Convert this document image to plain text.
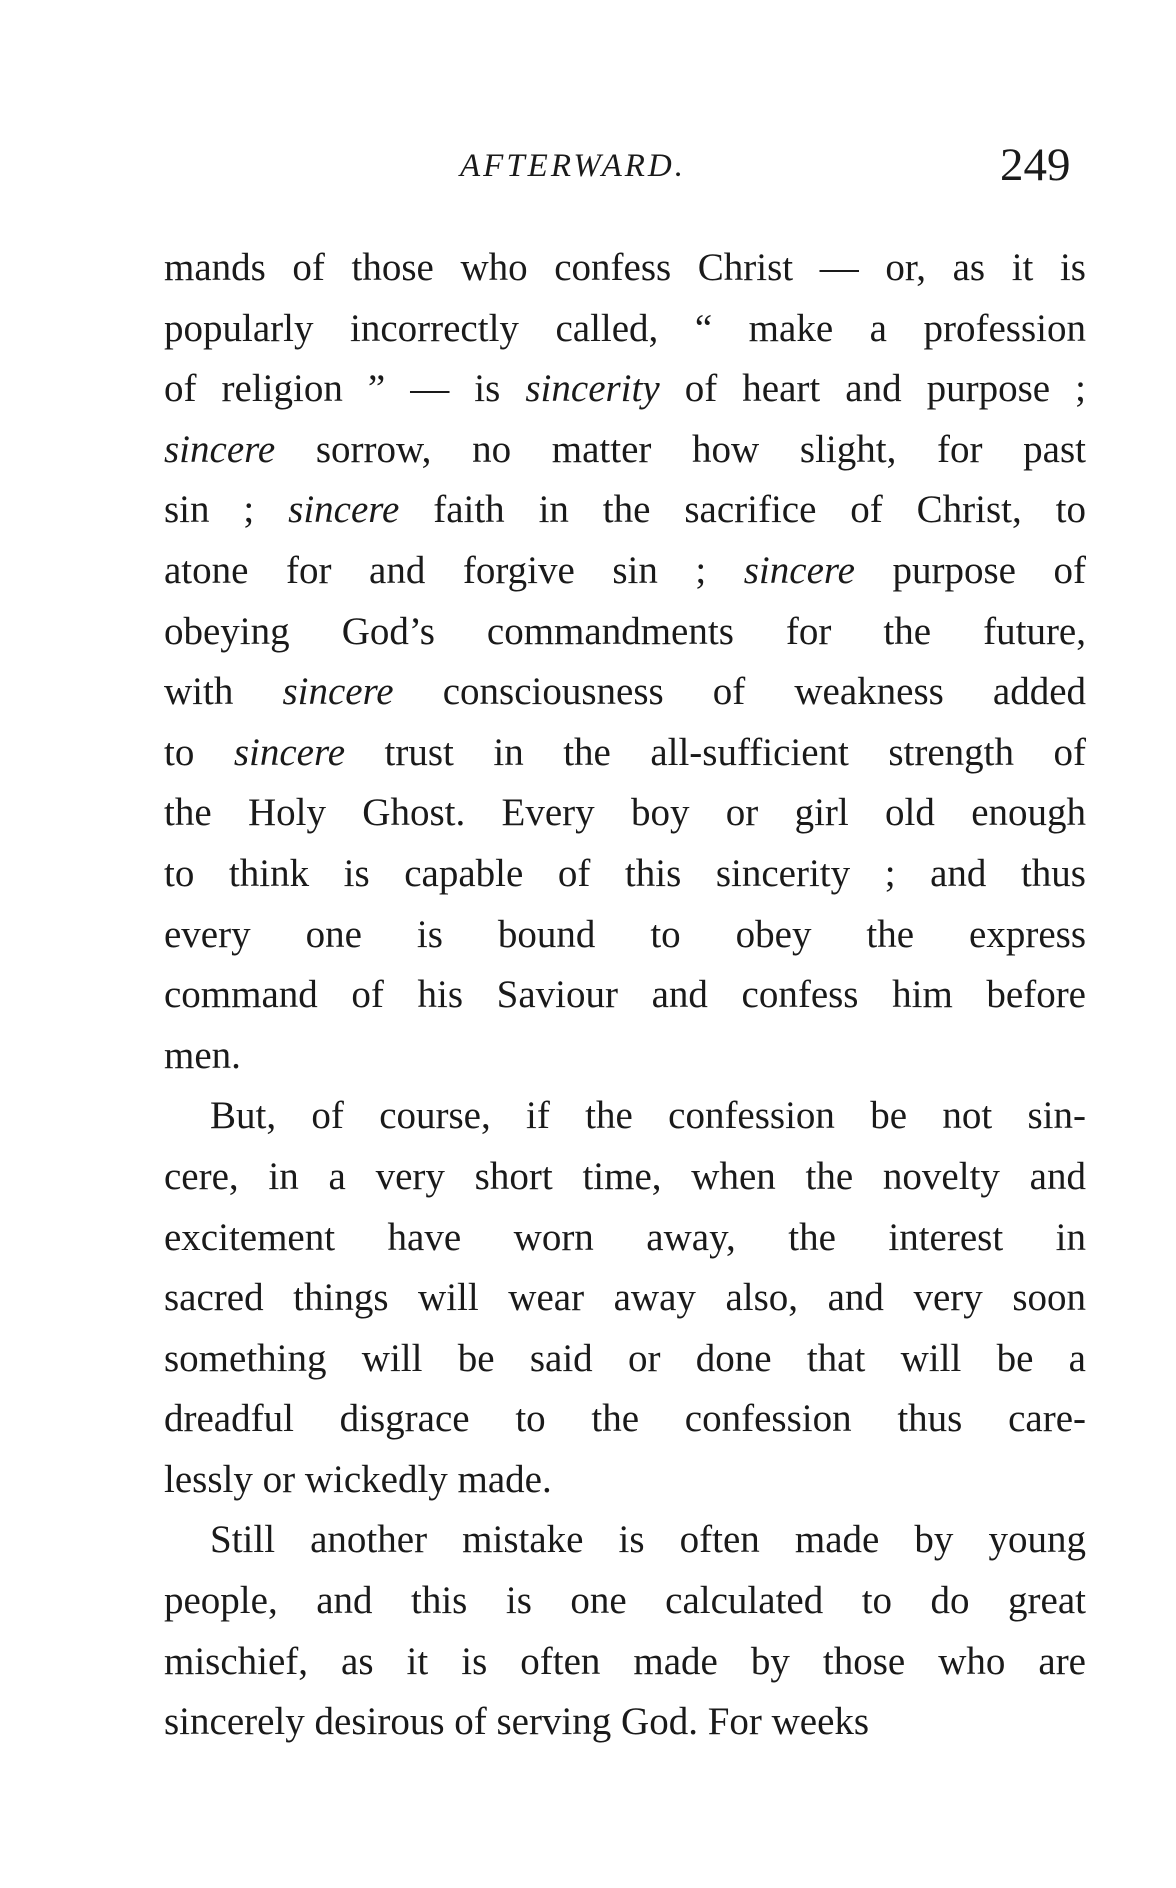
AFTERWARD.	249
mands of those who confess Christ — or, as it is
popularly incorrectly called, “ make a profession
of religion ” — is sincerity of heart and purpose ;
sincere sorrow, no matter how slight, for past
sin ; sincere faith in the sacrifice of Christ, to
atone for and forgive sin ; sincere purpose of
obeying God’s commandments for the future,
with sincere consciousness of weakness added
to sincere trust in the all-sufficient strength of
the Holy Ghost. Every boy or girl old enough
to think is capable of this sincerity ; and thus
every one is bound to obey the express
command of his Saviour and confess him before
men.
But, of course, if the confession be not sin-
cere, in a very short time, when the novelty and
excitement have worn away, the interest in
sacred things will wear away also, and very soon
something will be said or done that will be a
dreadful disgrace to the confession thus care-
lessly or wickedly made.
Still another mistake is often made by young
people, and this is one calculated to do great
mischief, as it is often made by those who are
sincerely desirous of serving God. For weeks
